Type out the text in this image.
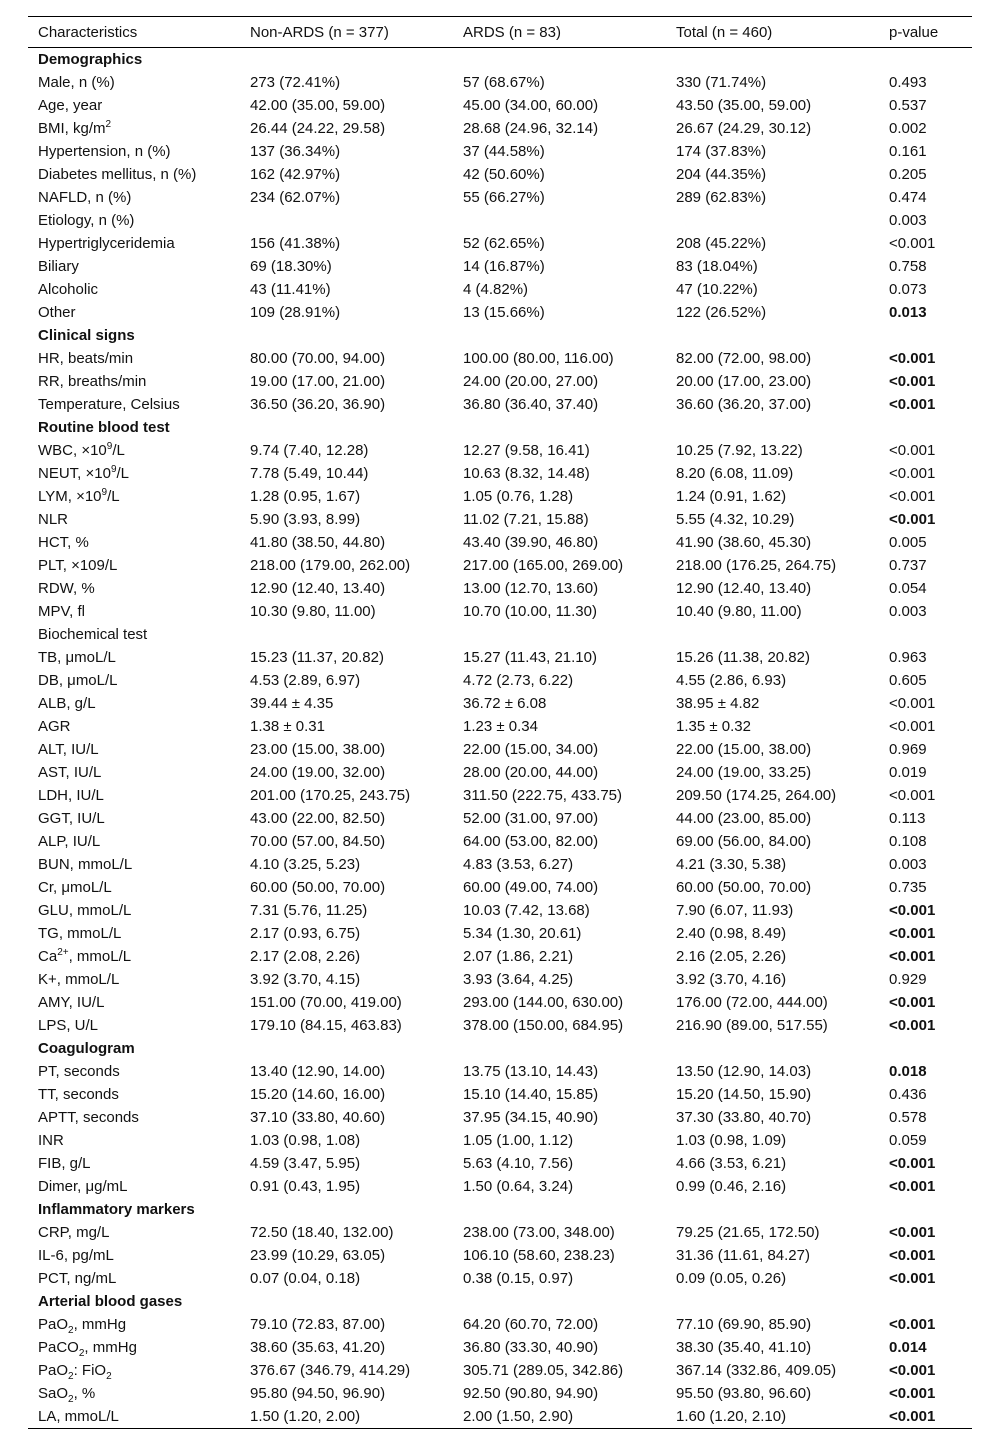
Characteristics	Non-ARDS (n = 377)	ARDS (n = 83)	Total (n = 460)	p-value
Demographics				
Male, n (%)	273 (72.41%)	57 (68.67%)	330 (71.74%)	0.493
Age, year	42.00 (35.00, 59.00)	45.00 (34.00, 60.00)	43.50 (35.00, 59.00)	0.537
BMI, $kg/m^2$	26.44 (24.22, 29.58)	28.68 (24.96, 32.14)	26.67 (24.29, 30.12)	0.002
Hypertension, n (%)	137 (36.34%)	37 (44.58%)	174 (37.83%)	0.161
Diabetes mellitus, n (%)	162 (42.97%)	42 (50.60%)	204 (44.35%)	0.205
NAFLD, n (%)	234 (62.07%)	55 (66.27%)	289 (62.83%)	0.474
Etiology, n (%)				0.003
Hypertriglyceridemia	156 (41.38%)	52 (62.65%)	208 (45.22%)	<0.001
Biliary	69 (18.30%)	14 (16.87%)	83 (18.04%)	0.758
Alcoholic	43 (11.41%)	4 (4.82%)	47 (10.22%)	0.073
Other	109 (28.91%)	13 (15.66%)	122 (26.52%)	0.013
Clinical signs				
HR, beats/min	80.00 (70.00, 94.00)	100.00 (80.00, 116.00)	82.00 (72.00, 98.00)	<0.001
RR, breaths/min	19.00 (17.00, 21.00)	24.00 (20.00, 27.00)	20.00 (17.00, 23.00)	<0.001
Temperature, Celsius	36.50 (36.20, 36.90)	36.80 (36.40, 37.40)	36.60 (36.20, 37.00)	<0.001
Routine blood test				
WBC, $\times 10^9/L$	9.74 (7.40, 12.28)	12.27 (9.58, 16.41)	10.25 (7.92, 13.22)	<0.001
NEUT, $\times 10^9/L$	7.78 (5.49, 10.44)	10.63 (8.32, 14.48)	8.20 (6.08, 11.09)	<0.001
LYM, $\times 10^9/L$	1.28 (0.95, 1.67)	1.05 (0.76, 1.28)	1.24 (0.91, 1.62)	<0.001
NLR	5.90 (3.93, 8.99)	11.02 (7.21, 15.88)	5.55 (4.32, 10.29)	<0.001
HCT, %	41.80 (38.50, 44.80)	43.40 (39.90, 46.80)	41.90 (38.60, 45.30)	0.005
PLT, ×109/L	218.00 (179.00, 262.00)	217.00 (165.00, 269.00)	218.00 (176.25, 264.75)	0.737
RDW, %	12.90 (12.40, 13.40)	13.00 (12.70, 13.60)	12.90 (12.40, 13.40)	0.054
MPV, fl	10.30 (9.80, 11.00)	10.70 (10.00, 11.30)	10.40 (9.80, 11.00)	0.003
Biochemical test				
TB, μmoL/L	15.23 (11.37, 20.82)	15.27 (11.43, 21.10)	15.26 (11.38, 20.82)	0.963
DB, μmoL/L	4.53 (2.89, 6.97)	4.72 (2.73, 6.22)	4.55 (2.86, 6.93)	0.605
ALB, g/L	39.44 ± 4.35	36.72 ± 6.08	38.95 ± 4.82	<0.001
AGR	1.38 ± 0.31	1.23 ± 0.34	1.35 ± 0.32	<0.001
ALT, IU/L	23.00 (15.00, 38.00)	22.00 (15.00, 34.00)	22.00 (15.00, 38.00)	0.969
AST, IU/L	24.00 (19.00, 32.00)	28.00 (20.00, 44.00)	24.00 (19.00, 33.25)	0.019
LDH, IU/L	201.00 (170.25, 243.75)	311.50 (222.75, 433.75)	209.50 (174.25, 264.00)	<0.001
GGT, IU/L	43.00 (22.00, 82.50)	52.00 (31.00, 97.00)	44.00 (23.00, 85.00)	0.113
ALP, IU/L	70.00 (57.00, 84.50)	64.00 (53.00, 82.00)	69.00 (56.00, 84.00)	0.108
BUN, mmoL/L	4.10 (3.25, 5.23)	4.83 (3.53, 6.27)	4.21 (3.30, 5.38)	0.003
Cr, μmoL/L	60.00 (50.00, 70.00)	60.00 (49.00, 74.00)	60.00 (50.00, 70.00)	0.735
GLU, mmoL/L	7.31 (5.76, 11.25)	10.03 (7.42, 13.68)	7.90 (6.07, 11.93)	<0.001
TG, mmoL/L	2.17 (0.93, 6.75)	5.34 (1.30, 20.61)	2.40 (0.98, 8.49)	<0.001
$Ca^{2+}$, mmoL/L	2.17 (2.08, 2.26)	2.07 (1.86, 2.21)	2.16 (2.05, 2.26)	<0.001
K+, mmoL/L	3.92 (3.70, 4.15)	3.93 (3.64, 4.25)	3.92 (3.70, 4.16)	0.929
AMY, IU/L	151.00 (70.00, 419.00)	293.00 (144.00, 630.00)	176.00 (72.00, 444.00)	<0.001
LPS, U/L	179.10 (84.15, 463.83)	378.00 (150.00, 684.95)	216.90 (89.00, 517.55)	<0.001
Coagulogram				
PT, seconds	13.40 (12.90, 14.00)	13.75 (13.10, 14.43)	13.50 (12.90, 14.03)	0.018
TT, seconds	15.20 (14.60, 16.00)	15.10 (14.40, 15.85)	15.20 (14.50, 15.90)	0.436
APTT, seconds	37.10 (33.80, 40.60)	37.95 (34.15, 40.90)	37.30 (33.80, 40.70)	0.578
INR	1.03 (0.98, 1.08)	1.05 (1.00, 1.12)	1.03 (0.98, 1.09)	0.059
FIB, g/L	4.59 (3.47, 5.95)	5.63 (4.10, 7.56)	4.66 (3.53, 6.21)	<0.001
Dimer, μg/mL	0.91 (0.43, 1.95)	1.50 (0.64, 3.24)	0.99 (0.46, 2.16)	<0.001
Inflammatory markers				
CRP, mg/L	72.50 (18.40, 132.00)	238.00 (73.00, 348.00)	79.25 (21.65, 172.50)	<0.001
IL-6, pg/mL	23.99 (10.29, 63.05)	106.10 (58.60, 238.23)	31.36 (11.61, 84.27)	<0.001
PCT, ng/mL	0.07 (0.04, 0.18)	0.38 (0.15, 0.97)	0.09 (0.05, 0.26)	<0.001
Arterial blood gases				
PaO$_2$, mmHg	79.10 (72.83, 87.00)	64.20 (60.70, 72.00)	77.10 (69.90, 85.90)	<0.001
PaCO$_2$, mmHg	38.60 (35.63, 41.20)	36.80 (33.30, 40.90)	38.30 (35.40, 41.10)	0.014
PaO$_2$: FiO$_2$	376.67 (346.79, 414.29)	305.71 (289.05, 342.86)	367.14 (332.86, 409.05)	<0.001
SaO$_2$, %	95.80 (94.50, 96.90)	92.50 (90.80, 94.90)	95.50 (93.80, 96.60)	<0.001
LA, mmoL/L	1.50 (1.20, 2.00)	2.00 (1.50, 2.90)	1.60 (1.20, 2.10)	<0.001
